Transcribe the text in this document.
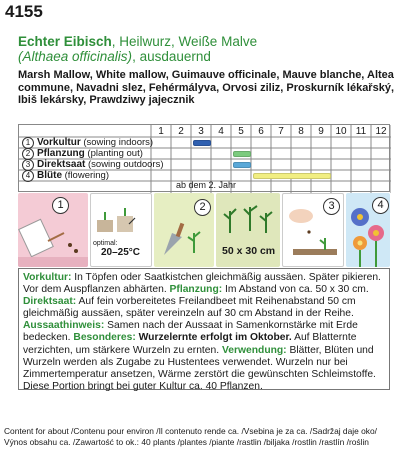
4155
Echter Eibisch, Heilwurz, Weiße Malve
(Althaea officinalis), ausdauernd
Marsh Mallow, White mallow, Guimauve officinale, Mauve blanche, Altea commune, Navadni slez, Fehérmályva, Orvosi ziliz, Proskurník lékařský, Ibiš lekársky, Prawdziwy jajecznik
1	2	3	4	5	6	7	8	9	10 11 12
1 Vorkultur (sowing indoors)
2 Pflanzung (planting out)
3 Direktsaat (sowing outdoors)
4 Blüte (flowering)
ab dem 2. Jahr
1
optimal:
20–25°C
2
50 x 30 cm
3	4
Vorkultur: In Töpfen oder Saatkistchen gleichmäßig aussäen. Später pikieren. Vor dem Auspflanzen abhärten. Pflanzung: Im Abstand von ca. 50 x 30 cm.
Direktsaat: Auf fein vorbereitetes Freilandbeet mit Reihenabstand 50 cm gleichmäßig aussäen, später vereinzeln auf 30 cm Abstand in der Reihe.
Aussaathinweis: Samen nach der Aussaat in Samenkornstärke mit Erde bedecken. Besonderes: Wurzelernte erfolgt im Oktober. Auf Blatternte verzichten, um stärkere Wurzeln zu ernten. Verwendung: Blätter, Blüten und Wurzeln werden als Zugabe zu Hustentees verwendet. Wurzeln nur bei Zimmertemperatur ansetzen, Wärme zerstört die gewünschten Schleimstoffe.
Diese Portion bringt bei guter Kultur ca. 40 Pflanzen.
Content for about /Contenu pour environ /Il contenuto rende ca. /Vsebina je za ca. /Sadržaj daje oko/
Výnos obsahu ca. /Zawartość to ok.: 40 plants /plantes /piante /rastlin /biljaka /rostlin /rastlín /roślin
